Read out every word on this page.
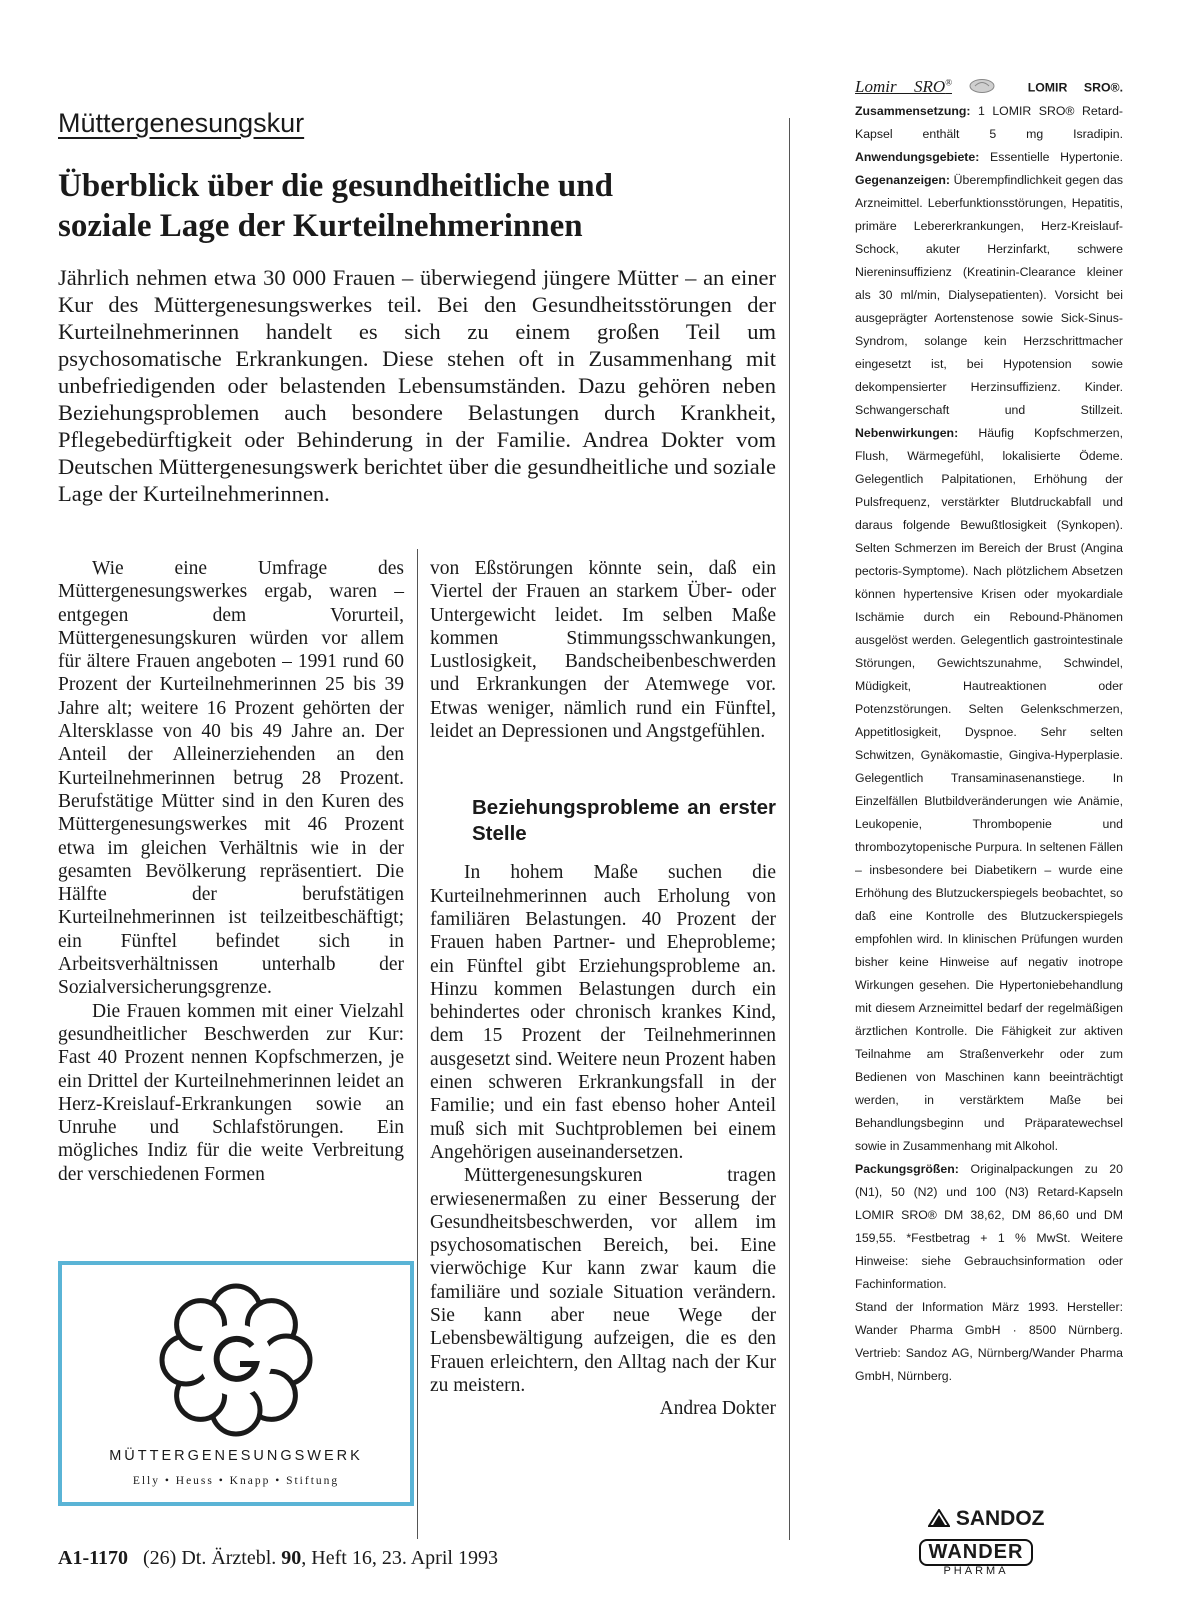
Müttergenesungskur
Überblick über die gesundheitliche und
soziale Lage der Kurteilnehmerinnen

Jährlich nehmen etwa 30 000 Frauen – überwiegend jüngere Mütter – an einer Kur des Müttergenesungswerkes teil. Bei den Gesundheitsstörungen der Kurteilnehmerinnen handelt es sich zu einem großen Teil um psychosomatische Erkrankungen. Diese stehen oft in Zusammenhang mit unbefriedigenden oder belastenden Lebensumständen. Dazu gehören neben Beziehungsproblemen auch besondere Belastungen durch Krankheit, Pflegebedürftigkeit oder Behinderung in der Familie. Andrea Dokter vom Deutschen Müttergenesungswerk berichtet über die gesundheitliche und soziale Lage der Kurteilnehmerinnen.

Wie eine Umfrage des Müttergenesungswerkes ergab, waren – entgegen dem Vorurteil, Müttergenesungskuren würden vor allem für ältere Frauen angeboten – 1991 rund 60 Prozent der Kurteilnehmerinnen 25 bis 39 Jahre alt; weitere 16 Prozent gehörten der Altersklasse von 40 bis 49 Jahre an. Der Anteil der Alleinerziehenden an den Kurteilnehmerinnen betrug 28 Prozent. Berufstätige Mütter sind in den Kuren des Müttergenesungswerkes mit 46 Prozent etwa im gleichen Verhältnis wie in der gesamten Bevölkerung repräsentiert. Die Hälfte der berufstätigen Kurteilnehmerinnen ist teilzeitbeschäftigt; ein Fünftel befindet sich in Arbeitsverhältnissen unterhalb der Sozialversicherungsgrenze.

Die Frauen kommen mit einer Vielzahl gesundheitlicher Beschwerden zur Kur: Fast 40 Prozent nennen Kopfschmerzen, je ein Drittel der Kurteilnehmerinnen leidet an Herz-Kreislauf-Erkrankungen sowie an Unruhe und Schlafstörungen. Ein mögliches Indiz für die weite Verbreitung der verschiedenen Formen

von Eßstörungen könnte sein, daß ein Viertel der Frauen an starkem Über- oder Untergewicht leidet. Im selben Maße kommen Stimmungsschwankungen, Lustlosigkeit, Bandscheibenbeschwerden und Erkrankungen der Atemwege vor. Etwas weniger, nämlich rund ein Fünftel, leidet an Depressionen und Angstgefühlen.

Beziehungsprobleme an erster Stelle

In hohem Maße suchen die Kurteilnehmerinnen auch Erholung von familiären Belastungen. 40 Prozent der Frauen haben Partner- und Eheprobleme; ein Fünftel gibt Erziehungsprobleme an. Hinzu kommen Belastungen durch ein behindertes oder chronisch krankes Kind, dem 15 Prozent der Teilnehmerinnen ausgesetzt sind. Weitere neun Prozent haben einen schweren Erkrankungsfall in der Familie; und ein fast ebenso hoher Anteil muß sich mit Suchtproblemen bei einem Angehörigen auseinandersetzen.

Müttergenesungskuren tragen erwiesenermaßen zu einer Besserung der Gesundheitsbeschwerden, vor allem im psychosomatischen Bereich, bei. Eine vierwöchige Kur kann zwar kaum die familiäre und soziale Situation verändern. Sie kann aber neue Wege der Lebensbewältigung aufzeigen, die es den Frauen erleichtern, den Alltag nach der Kur zu meistern.
Andrea Dokter

MÜTTERGENESUNGSWERK
Elly • Heuss • Knapp • Stiftung
A1-1170 (26) Dt. Ärztebl. 90, Heft 16, 23. April 1993
Lomir SRO®	LOMIR SRO®. Zusammensetzung: 1 LOMIR SRO® Retard-Kapsel enthält 5 mg Isradipin. Anwendungsgebiete: Essentielle Hypertonie. Gegenanzeigen: Überempfindlichkeit gegen das Arzneimittel. Leberfunktionsstörungen, Hepatitis, primäre Lebererkrankungen, Herz-Kreislauf-Schock, akuter Herzinfarkt, schwere Niereninsuffizienz (Kreatinin-Clearance kleiner als 30 ml/min, Dialysepatienten). Vorsicht bei ausgeprägter Aortenstenose sowie Sick-Sinus-Syndrom, solange kein Herzschrittmacher eingesetzt ist, bei Hypotension sowie dekompensierter Herzinsuffizienz. Kinder. Schwangerschaft und Stillzeit. Nebenwirkungen: Häufig Kopfschmerzen, Flush, Wärmegefühl, lokalisierte Ödeme. Gelegentlich Palpitationen, Erhöhung der Pulsfrequenz, verstärkter Blutdruckabfall und daraus folgende Bewußtlosigkeit (Synkopen). Selten Schmerzen im Bereich der Brust (Angina pectoris-Symptome). Nach plötzlichem Absetzen können hypertensive Krisen oder myokardiale Ischämie durch ein Rebound-Phänomen ausgelöst werden. Gelegentlich gastrointestinale Störungen, Gewichtszunahme, Schwindel, Müdigkeit, Hautreaktionen oder Potenzstörungen. Selten Gelenkschmerzen, Appetitlosigkeit, Dyspnoe. Sehr selten Schwitzen, Gynäkomastie, Gingiva-Hyperplasie. Gelegentlich Transaminasenanstiege. In Einzelfällen Blutbildveränderungen wie Anämie, Leukopenie, Thrombopenie und thrombozytopenische Purpura. In seltenen Fällen – insbesondere bei Diabetikern – wurde eine Erhöhung des Blutzuckerspiegels beobachtet, so daß eine Kontrolle des Blutzuckerspiegels empfohlen wird. In klinischen Prüfungen wurden bisher keine Hinweise auf negativ inotrope Wirkungen gesehen. Die Hypertoniebehandlung mit diesem Arzneimittel bedarf der regelmäßigen ärztlichen Kontrolle. Die Fähigkeit zur aktiven Teilnahme am Straßenverkehr oder zum Bedienen von Maschinen kann beeinträchtigt werden, in verstärktem Maße bei Behandlungsbeginn und Präparatewechsel sowie in Zusammenhang mit Alkohol.
Packungsgrößen: Originalpackungen zu 20 (N1), 50 (N2) und 100 (N3) Retard-Kapseln LOMIR SRO® DM 38,62, DM 86,60 und DM 159,55. *Festbetrag + 1 % MwSt. Weitere Hinweise: siehe Gebrauchsinformation oder Fachinformation.
Stand der Information März 1993. Hersteller: Wander Pharma GmbH · 8500 Nürnberg. Vertrieb: Sandoz AG, Nürnberg/Wander Pharma GmbH, Nürnberg.
SANDOZ
WANDER
PHARMA
